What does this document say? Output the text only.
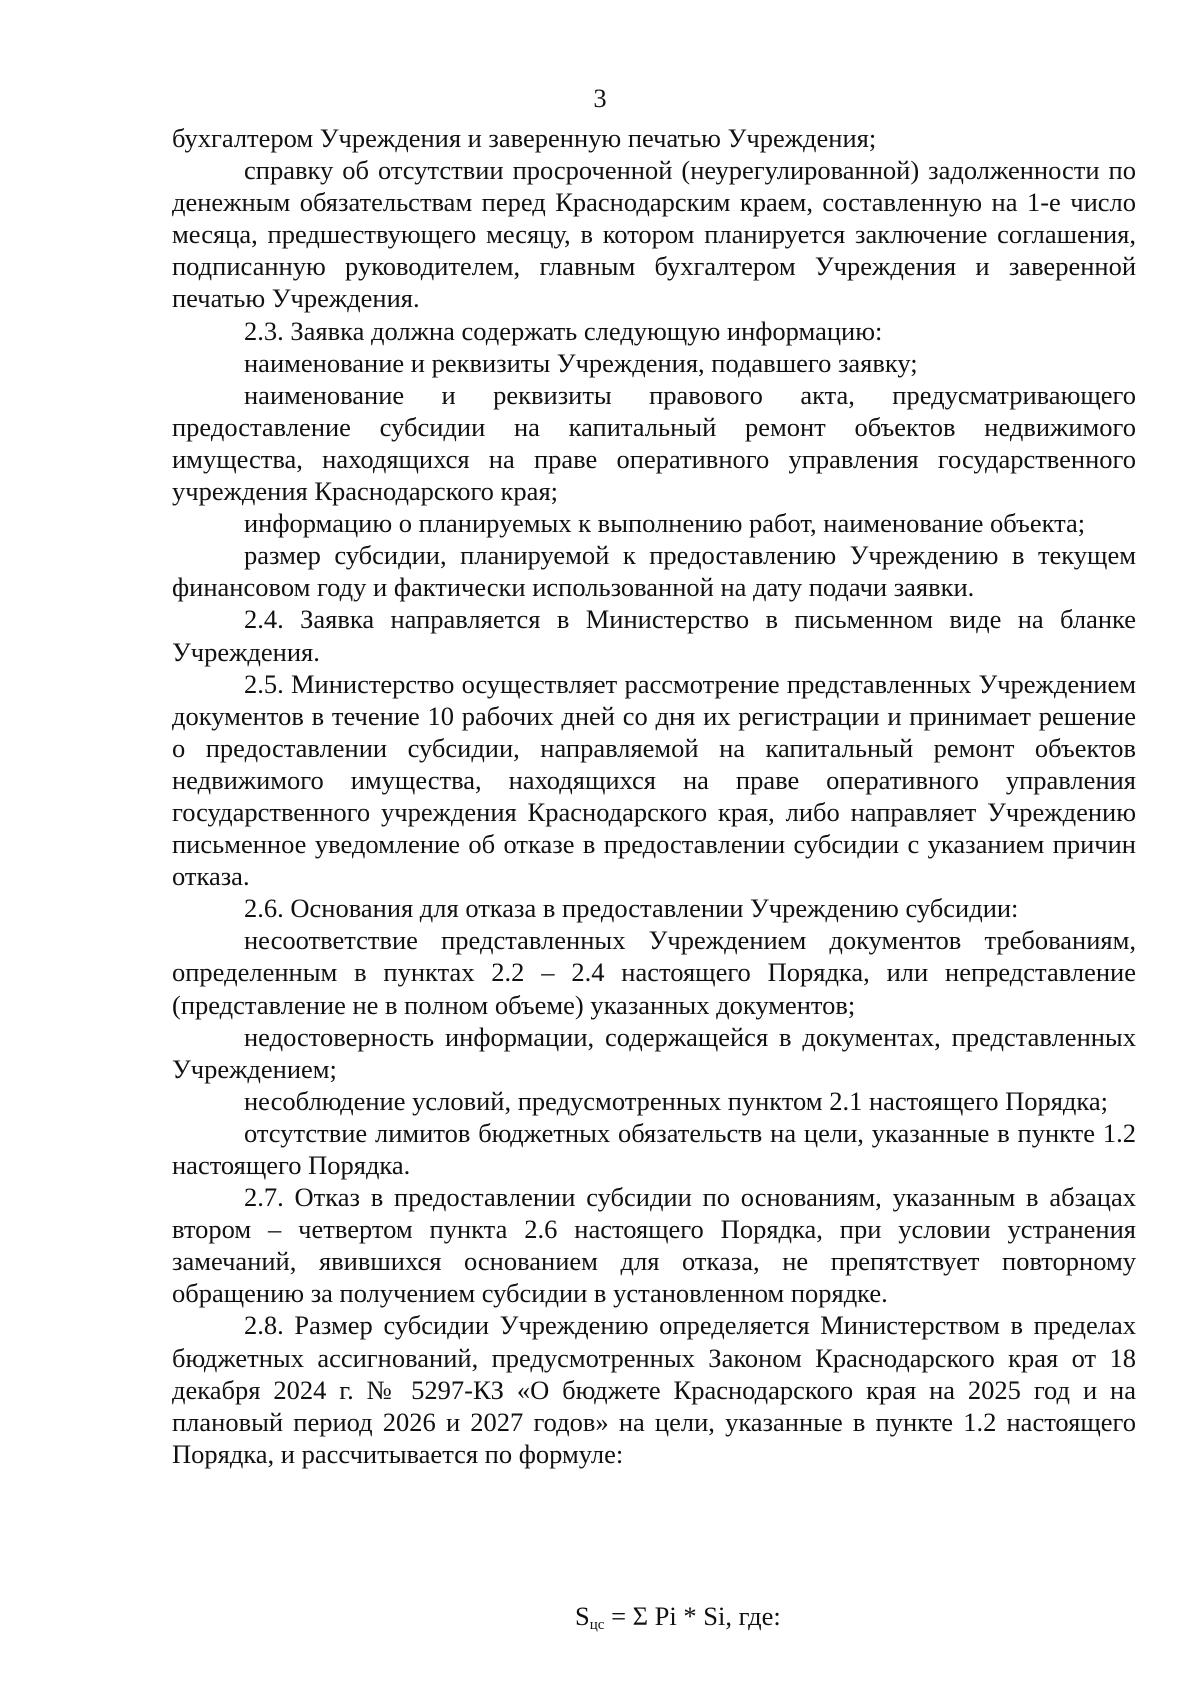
3

бухгалтером Учреждения и заверенную печатью Учреждения;

справку об отсутствии просроченной (неурегулированной) задолженности по денежным обязательствам перед Краснодарским краем, составленную на 1-е число месяца, предшествующего месяцу, в котором планируется заключение соглашения, подписанную руководителем, главным бухгалтером Учреждения и заверенной печатью Учреждения.

2.3. Заявка должна содержать следующую информацию:

наименование и реквизиты Учреждения, подавшего заявку;

наименование и реквизиты правового акта, предусматривающего предоставление субсидии на капитальный ремонт объектов недвижимого имущества, находящихся на праве оперативного управления государственного учреждения Краснодарского края;

информацию о планируемых к выполнению работ, наименование объекта;

размер субсидии, планируемой к предоставлению Учреждению в текущем финансовом году и фактически использованной на дату подачи заявки.

2.4. Заявка направляется в Министерство в письменном виде на бланке Учреждения.

2.5. Министерство осуществляет рассмотрение представленных Учреждением документов в течение 10 рабочих дней со дня их регистрации и принимает решение о предоставлении субсидии, направляемой на капитальный ремонт объектов недвижимого имущества, находящихся на праве оперативного управления государственного учреждения Краснодарского края, либо направляет Учреждению письменное уведомление об отказе в предоставлении субсидии с указанием причин отказа.

2.6. Основания для отказа в предоставлении Учреждению субсидии:

несоответствие представленных Учреждением документов требованиям, определенным в пунктах 2.2 – 2.4 настоящего Порядка, или непредставление (представление не в полном объеме) указанных документов;

недостоверность информации, содержащейся в документах, представленных Учреждением;

несоблюдение условий, предусмотренных пунктом 2.1 настоящего Порядка;

отсутствие лимитов бюджетных обязательств на цели, указанные в пункте 1.2 настоящего Порядка.

2.7. Отказ в предоставлении субсидии по основаниям, указанным в абзацах втором – четвертом пункта 2.6 настоящего Порядка, при условии устранения замечаний, явившихся основанием для отказа, не препятствует повторному обращению за получением субсидии в установленном порядке.

2.8. Размер субсидии Учреждению определяется Министерством в пределах бюджетных ассигнований, предусмотренных Законом Краснодарского края от 18 декабря 2024 г. № 5297-КЗ «О бюджете Краснодарского края на 2025 год и на плановый период 2026 и 2027 годов» на цели, указанные в пункте 1.2 настоящего Порядка, и рассчитывается по формуле:

$S_{цс} = \Sigma$ Pi * Si, где:
